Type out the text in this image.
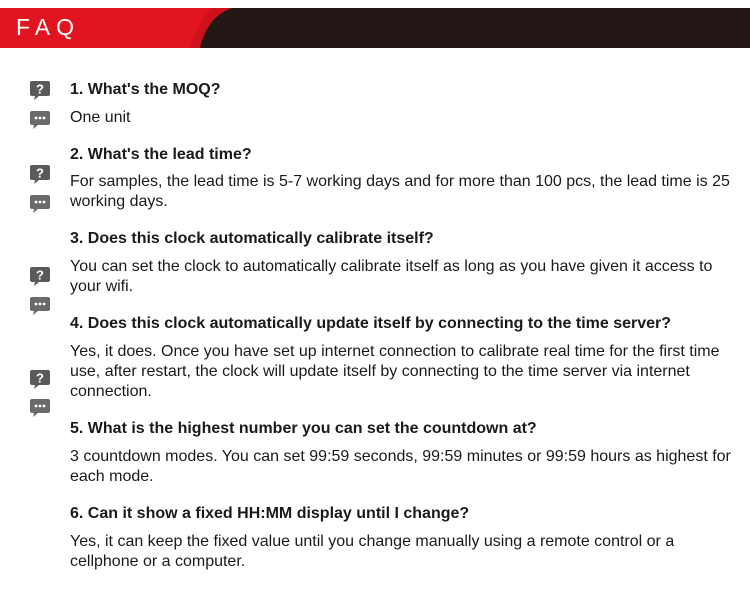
FAQ
?
?
?
?
1. What's the MOQ?
One unit
2. What's the lead time?
For samples, the lead time is 5-7 working days and for more than 100 pcs, the lead time is 25 working days.
3. Does this clock automatically calibrate itself?
You can set the clock to automatically calibrate itself as long as you have given it access to your wifi.
4. Does this clock automatically update itself by connecting to the time server?
Yes, it does. Once you have set up internet connection to calibrate real time for the first time use, after restart, the clock will update itself by connecting to the time server via internet connection.
5. What is the highest number you can set the countdown at?
3 countdown modes. You can set 99:59 seconds, 99:59 minutes or 99:59 hours as highest for each mode.
6. Can it show a fixed HH:MM display until I change?
Yes, it can keep the fixed value until you change manually using a remote control or a cellphone or a computer.
